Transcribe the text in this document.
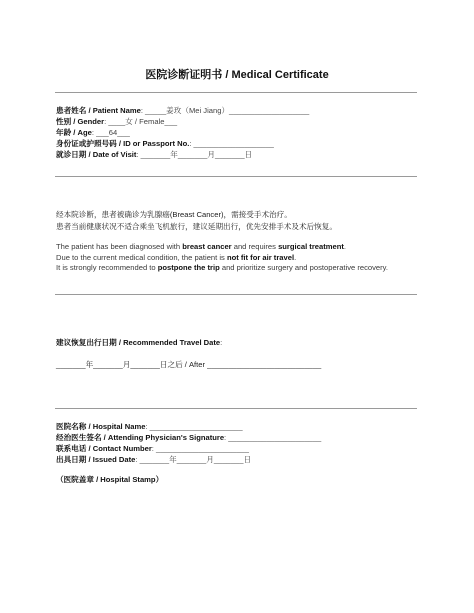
医院诊断证明书 / Medical Certificate
患者姓名 / Patient Name: _____姜玫（Mei Jiang）___________________
性别 / Gender: ____女 / Female___
年龄 / Age: ___64___
身份证或护照号码 / ID or Passport No.: ___________________
就诊日期 / Date of Visit: _______年_______月_______日
经本院诊断，患者被确诊为乳腺癌(Breast Cancer)，需接受手术治疗。
患者当前健康状况不适合乘坐飞机旅行，建议延期出行，优先安排手术及术后恢复。
The patient has been diagnosed with breast cancer and requires surgical treatment.
Due to the current medical condition, the patient is not fit for air travel.
It is strongly recommended to postpone the trip and prioritize surgery and postoperative recovery.
建议恢复出行日期 / Recommended Travel Date:
_______年_______月_______日之后 / After ___________________________
医院名称 / Hospital Name: ______________________
经治医生签名 / Attending Physician's Signature: ______________________
联系电话 / Contact Number: ______________________
出具日期 / Issued Date: _______年_______月_______日
（医院盖章 / Hospital Stamp）
